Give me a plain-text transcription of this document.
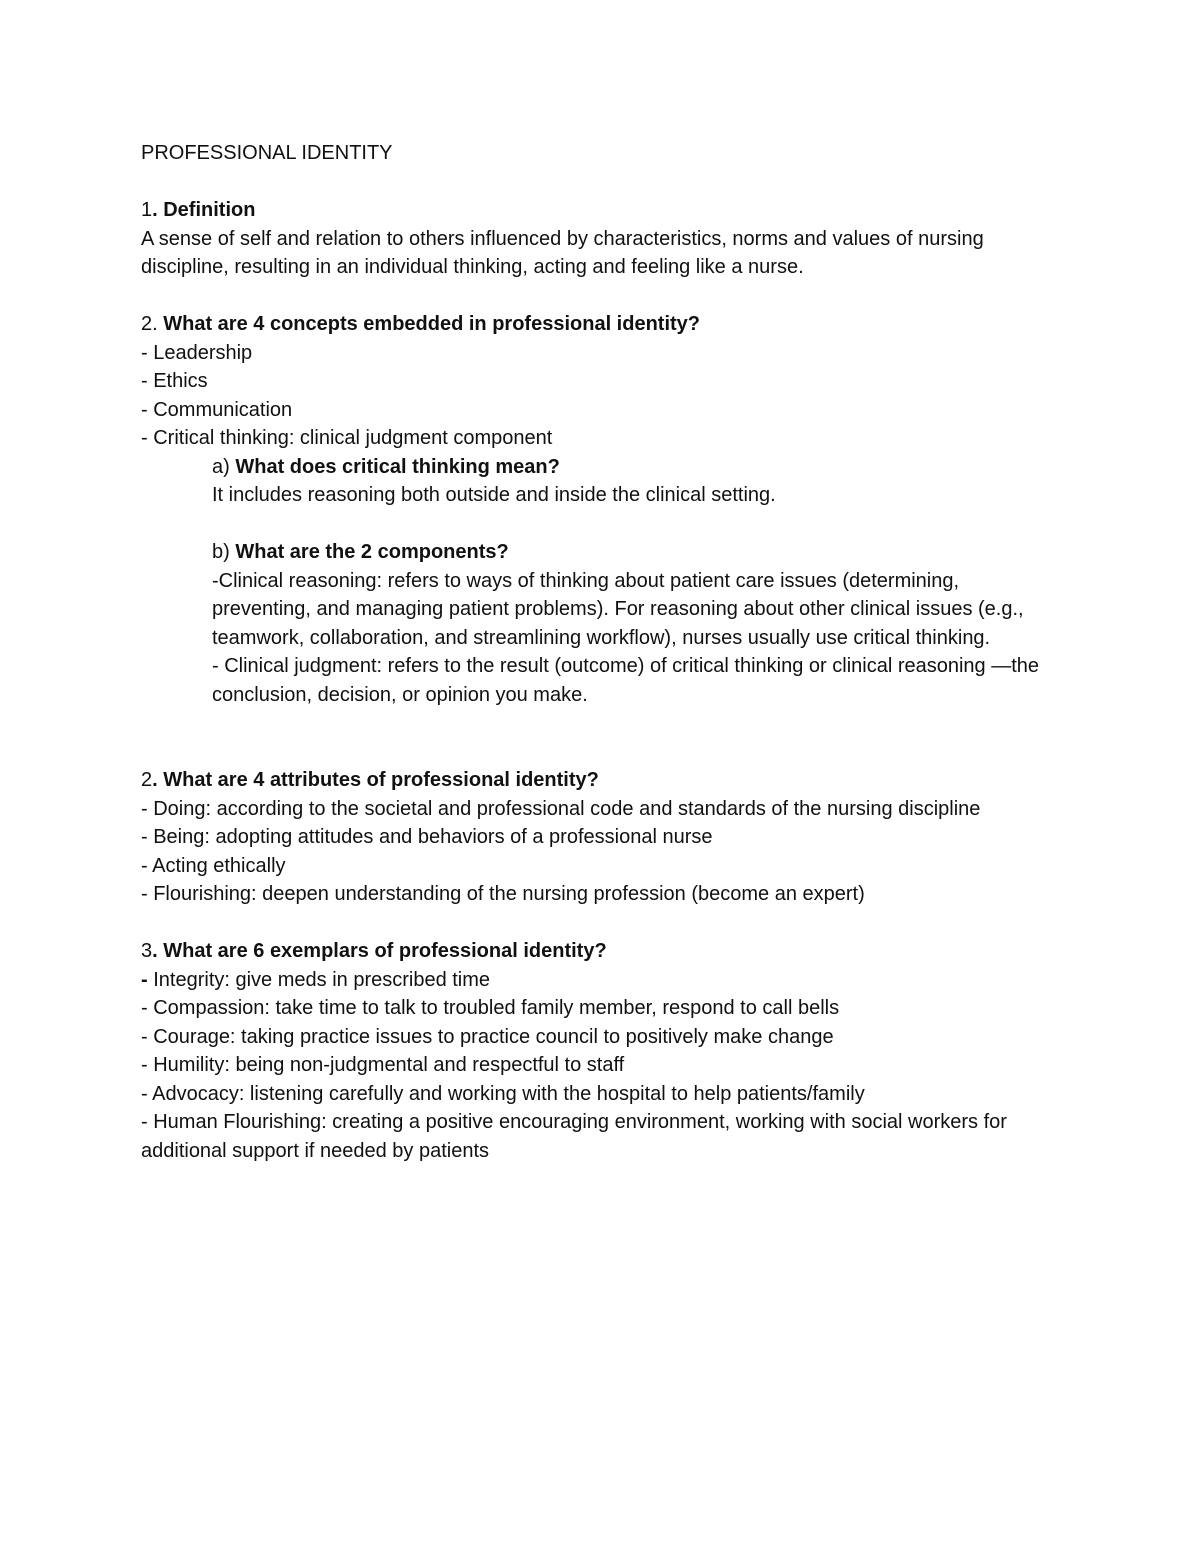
PROFESSIONAL IDENTITY
1. Definition
A sense of self and relation to others influenced by characteristics, norms and values of nursing discipline, resulting in an individual thinking, acting and feeling like a nurse.
2. What are 4 concepts embedded in professional identity?
- Leadership
- Ethics
- Communication
- Critical thinking: clinical judgment component
a) What does critical thinking mean?
It includes reasoning both outside and inside the clinical setting.
b) What are the 2 components?
-Clinical reasoning: refers to ways of thinking about patient care issues (determining, preventing, and managing patient problems). For reasoning about other clinical issues (e.g., teamwork, collaboration, and streamlining workflow), nurses usually use critical thinking.
- Clinical judgment: refers to the result (outcome) of critical thinking or clinical reasoning —the conclusion, decision, or opinion you make.
2. What are 4 attributes of professional identity?
- Doing: according to the societal and professional code and standards of the nursing discipline
- Being: adopting attitudes and behaviors of a professional nurse
- Acting ethically
- Flourishing: deepen understanding of the nursing profession (become an expert)
3. What are 6 exemplars of professional identity?
- Integrity: give meds in prescribed time
- Compassion: take time to talk to troubled family member, respond to call bells
- Courage: taking practice issues to practice council to positively make change
- Humility: being non-judgmental and respectful to staff
- Advocacy: listening carefully and working with the hospital to help patients/family
- Human Flourishing: creating a positive encouraging environment, working with social workers for additional support if needed by patients
